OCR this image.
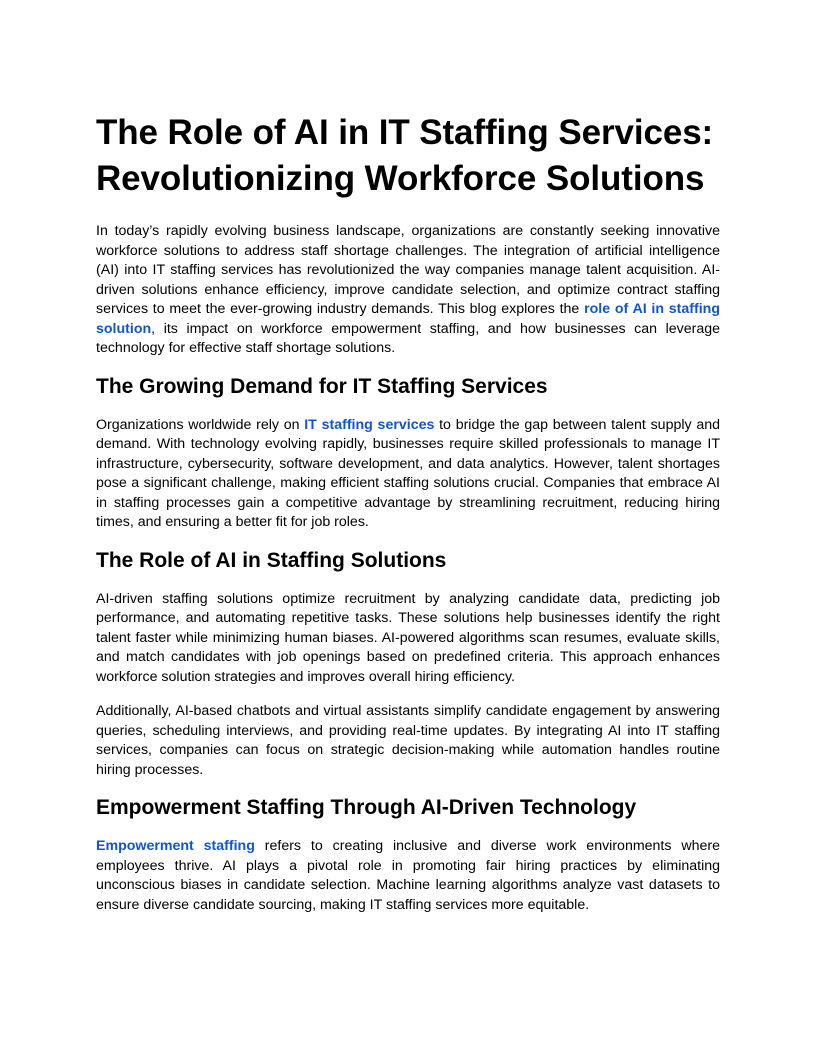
The Role of AI in IT Staffing Services: Revolutionizing Workforce Solutions

In today’s rapidly evolving business landscape, organizations are constantly seeking innovative workforce solutions to address staff shortage challenges. The integration of artificial intelligence (AI) into IT staffing services has revolutionized the way companies manage talent acquisition. AI-driven solutions enhance efficiency, improve candidate selection, and optimize contract staffing services to meet the ever-growing industry demands. This blog explores the role of AI in staffing solution, its impact on workforce empowerment staffing, and how businesses can leverage technology for effective staff shortage solutions.

The Growing Demand for IT Staffing Services

Organizations worldwide rely on IT staffing services to bridge the gap between talent supply and demand. With technology evolving rapidly, businesses require skilled professionals to manage IT infrastructure, cybersecurity, software development, and data analytics. However, talent shortages pose a significant challenge, making efficient staffing solutions crucial. Companies that embrace AI in staffing processes gain a competitive advantage by streamlining recruitment, reducing hiring times, and ensuring a better fit for job roles.

The Role of AI in Staffing Solutions

AI-driven staffing solutions optimize recruitment by analyzing candidate data, predicting job performance, and automating repetitive tasks. These solutions help businesses identify the right talent faster while minimizing human biases. AI-powered algorithms scan resumes, evaluate skills, and match candidates with job openings based on predefined criteria. This approach enhances workforce solution strategies and improves overall hiring efficiency.

Additionally, AI-based chatbots and virtual assistants simplify candidate engagement by answering queries, scheduling interviews, and providing real-time updates. By integrating AI into IT staffing services, companies can focus on strategic decision-making while automation handles routine hiring processes.

Empowerment Staffing Through AI-Driven Technology

Empowerment staffing refers to creating inclusive and diverse work environments where employees thrive. AI plays a pivotal role in promoting fair hiring practices by eliminating unconscious biases in candidate selection. Machine learning algorithms analyze vast datasets to ensure diverse candidate sourcing, making IT staffing services more equitable.
